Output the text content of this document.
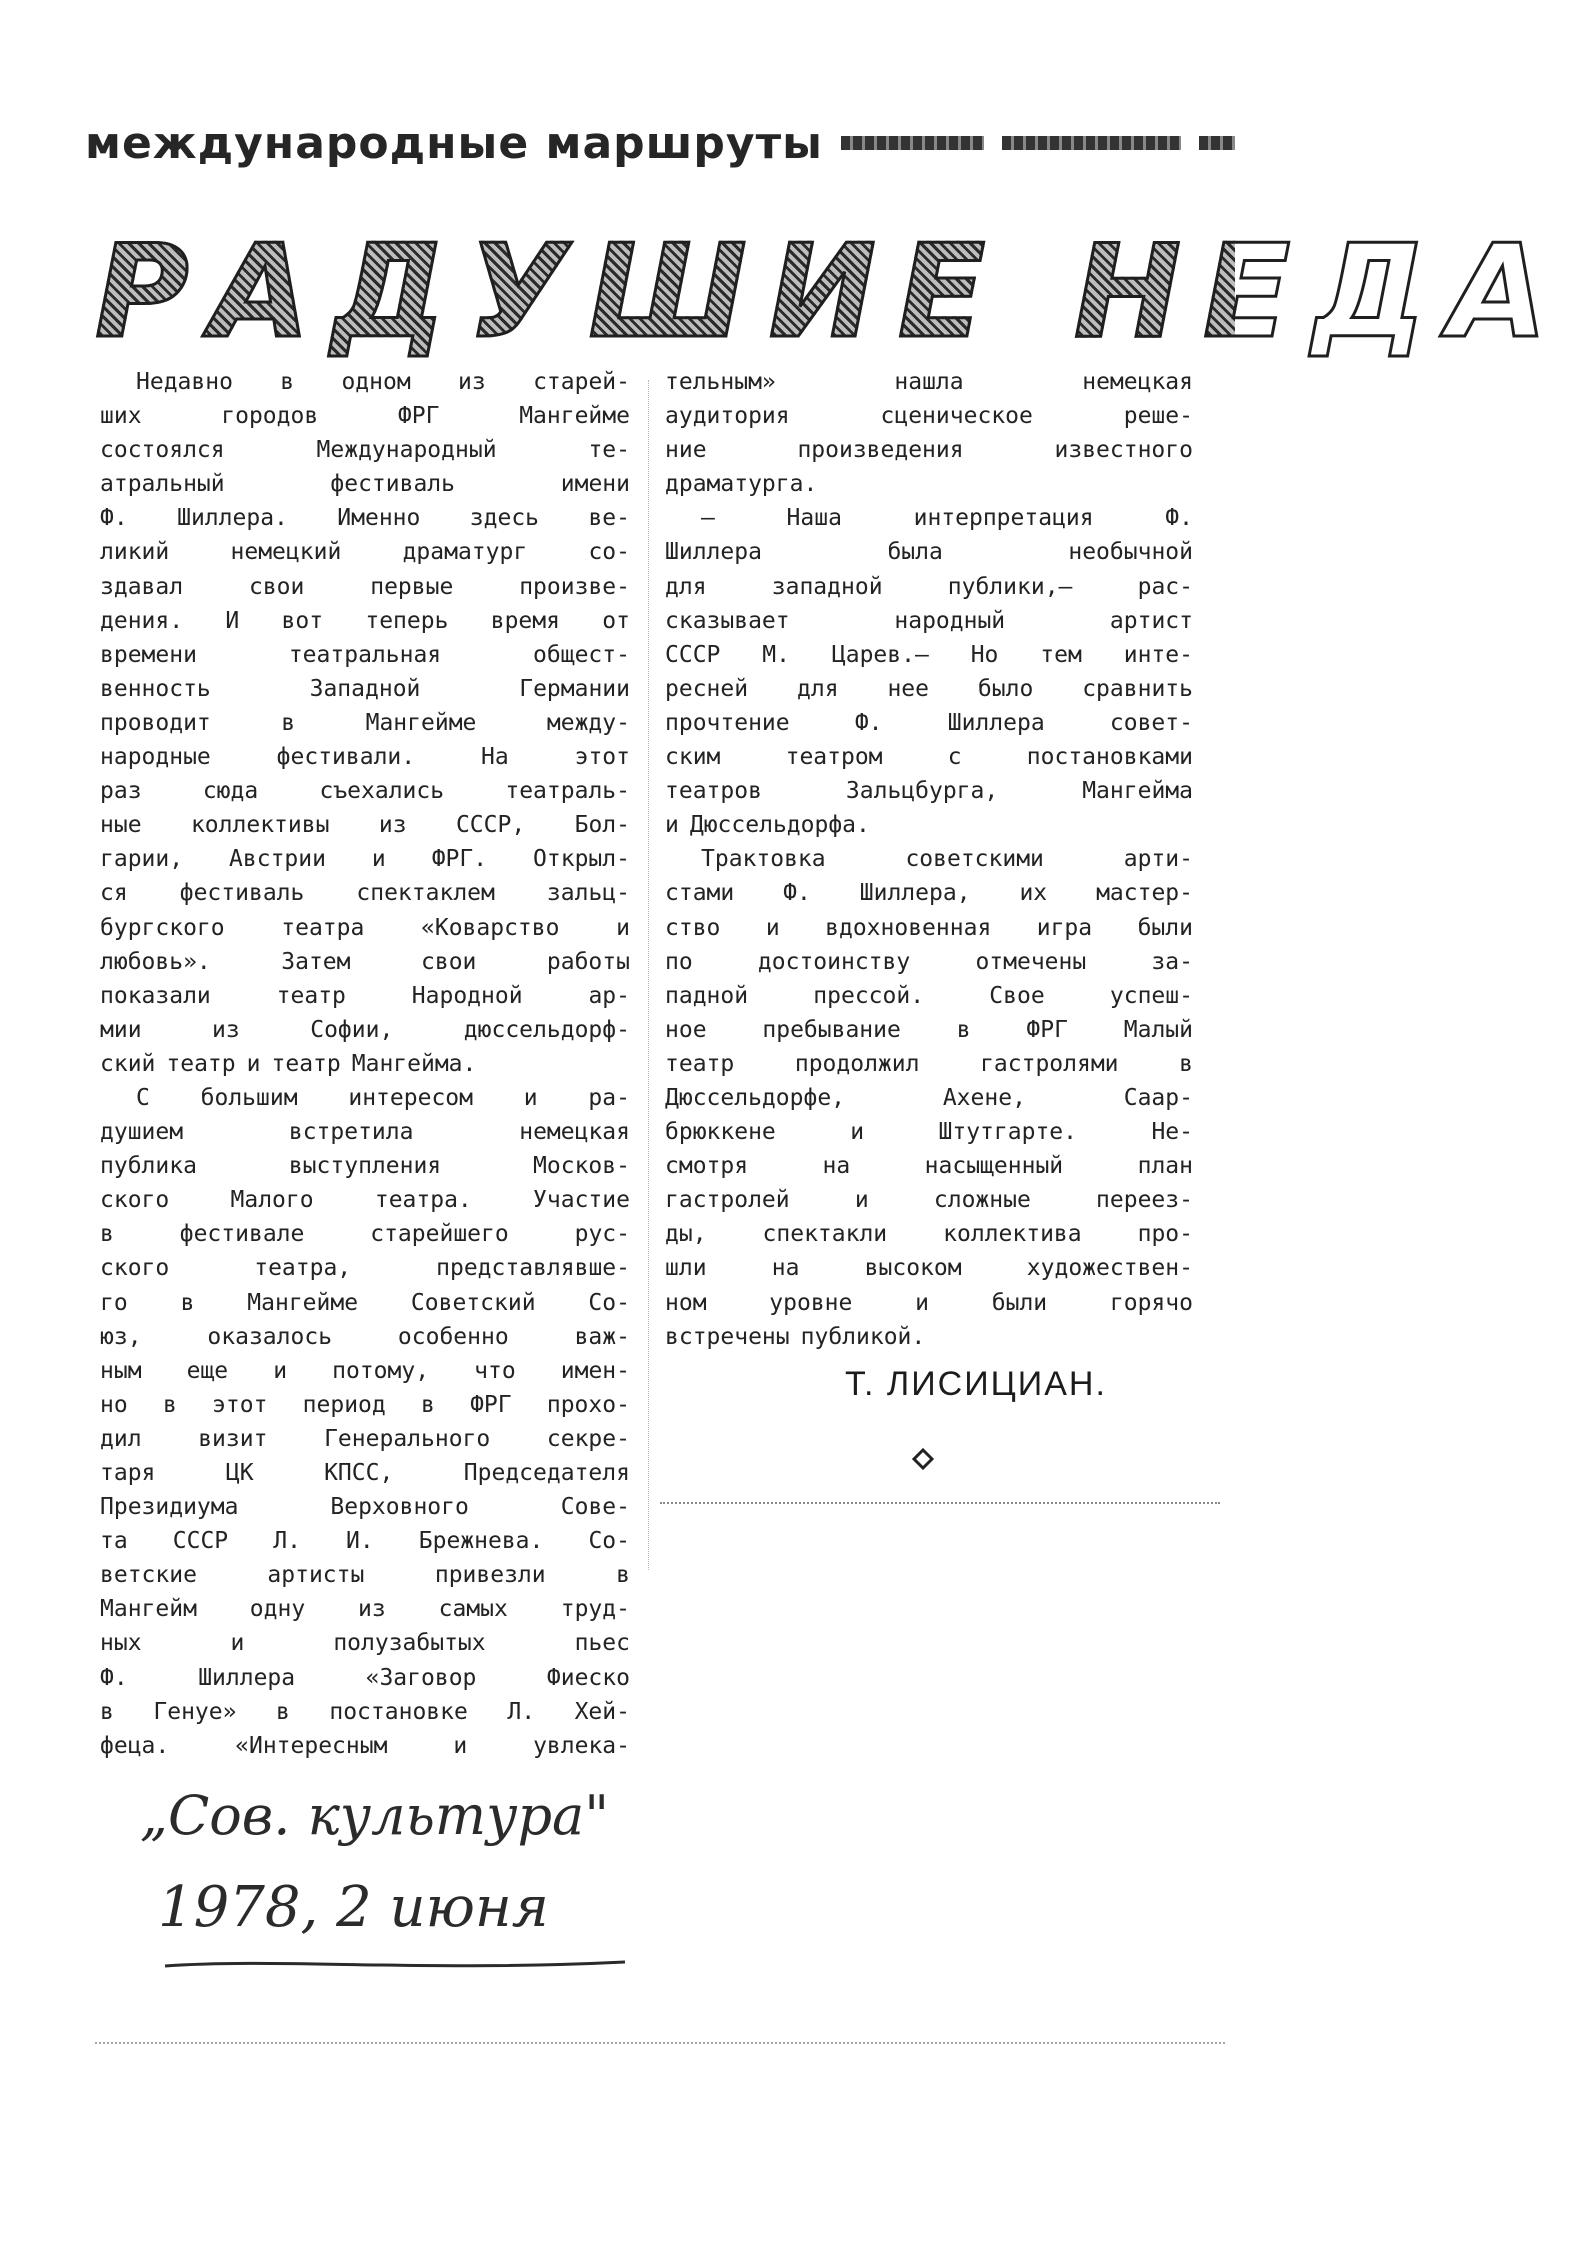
международные маршруты
РАДУШИЕ НЕДА
Недавно в одном из старей-
ших	городов	ФРГ	Мангейме
состоялся	Международный	те-
атральный	фестиваль	имени
Ф. Шиллера. Именно здесь ве-
ликий	немецкий	драматург	со-
здавал	свои	первые	произве-
дения. И вот теперь время от
времени	театральная	общест-
венность	Западной	Германии
проводит	в	Мангейме	между-
народные	фестивали.	На	этот
раз	сюда	съехались	театраль-
ные коллективы из СССР, Бол-
гарии, Австрии и ФРГ. Открыл-
ся фестиваль спектаклем зальц-
бургского театра «Коварство и
любовь».	Затем	свои	работы
показали	театр	Народной	ар-
мии	из	Софии,	дюссельдорф-
ский театр и театр Мангейма.
С большим интересом и ра-
душием	встретила	немецкая
публика	выступления	Москов-
ского	Малого	театра.	Участие
в	фестивале	старейшего	рус-
ского	театра,	представлявше-
го в Мангейме Советский Со-
юз,	оказалось	особенно	важ-
ным еще и потому, что имен-
но в этот период в ФРГ прохо-
дил визит Генерального секре-
таря	ЦК	КПСС,	Председателя
Президиума	Верховного	Сове-
та СССР Л. И. Брежнева. Со-
ветские	артисты	привезли	в
Мангейм одну из самых труд-
ных	и	полузабытых	пьес
Ф.	Шиллера	«Заговор	Фиеско
в Генуе» в постановке Л. Хей-
феца.	«Интересным	и	увлека-
тельным»	нашла	немецкая
аудитория	сценическое	реше-
ние	произведения	известного
драматурга.
—	Наша	интерпретация	Ф.
Шиллера	была	необычной
для	западной	публики,—	рас-
сказывает	народный	артист
СССР М. Царев.— Но тем инте-
ресней для нее было сравнить
прочтение	Ф.	Шиллера	совет-
ским	театром	с	постановками
театров	Зальцбурга,	Мангейма
и Дюссельдорфа.
Трактовка	советскими	арти-
стами Ф. Шиллера, их мастер-
ство и вдохновенная игра были
по	достоинству	отмечены	за-
падной	прессой.	Свое	успеш-
ное пребывание в ФРГ Малый
театр	продолжил	гастролями	в
Дюссельдорфе,	Ахене,	Саар-
брюккене	и	Штутгарте.	Не-
смотря	на	насыщенный	план
гастролей	и	сложные	переез-
ды, спектакли коллектива про-
шли	на	высоком	художествен-
ном	уровне	и	были	горячо
встречены публикой.
Т. ЛИСИЦИАН.
„Сов. культура"
1978, 2 июня
